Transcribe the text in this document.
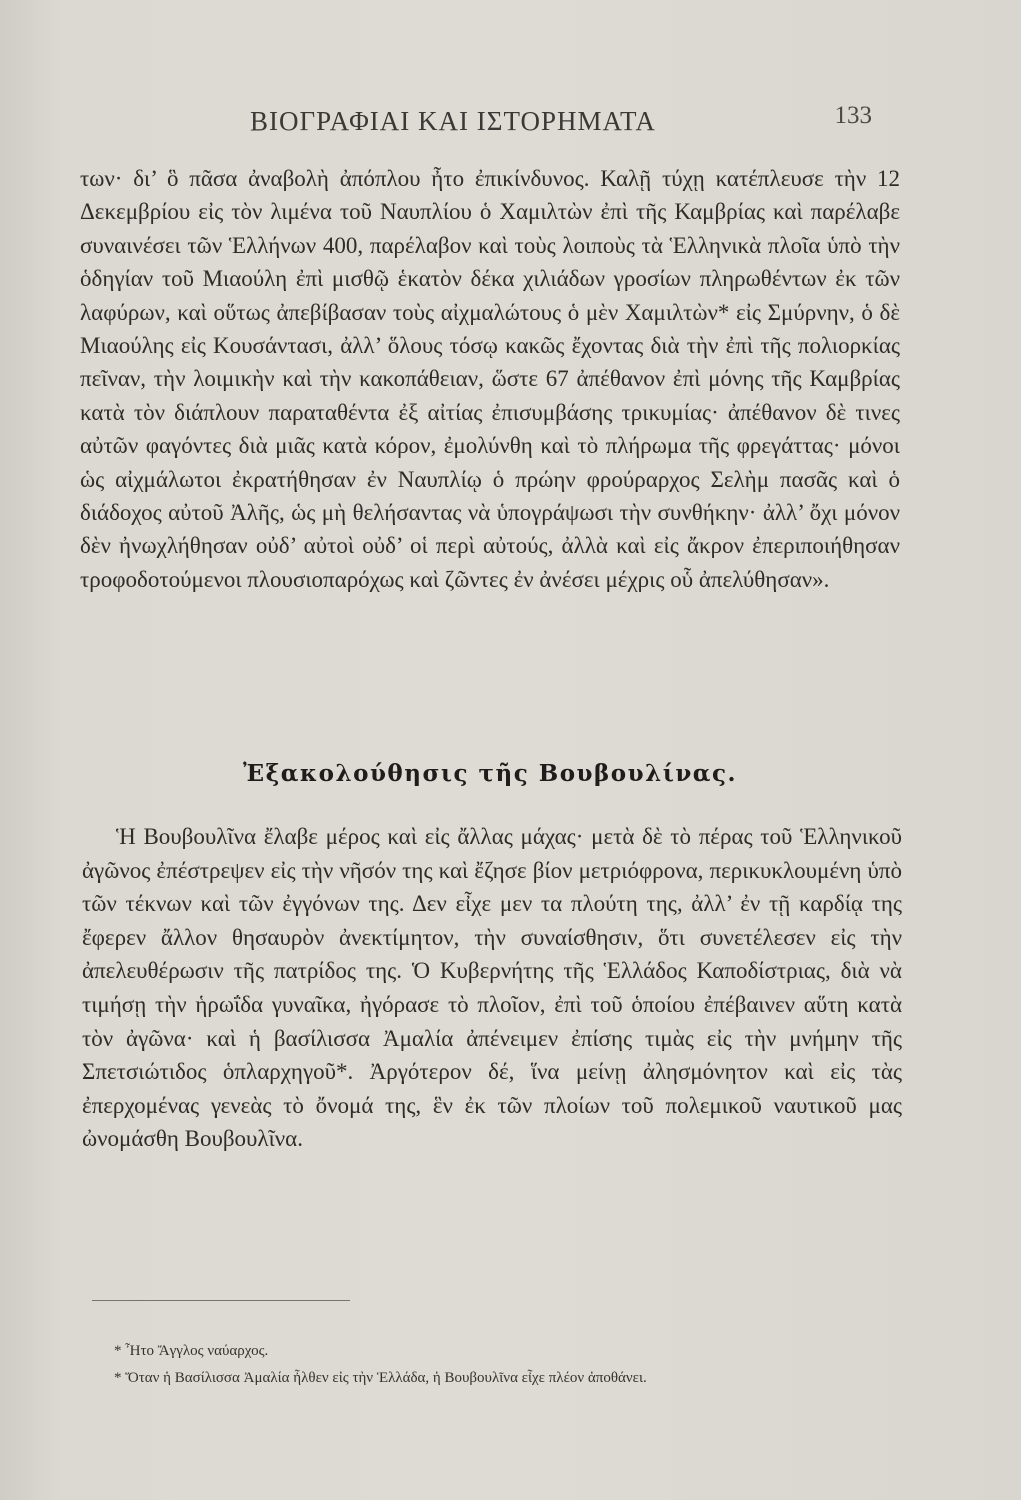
ΒΙΟΓΡΑΦΙΑΙ ΚΑΙ ΙΣΤΟΡΗΜΑΤΑ	133

των· δι’ ὃ πᾶσα ἀναβολὴ ἀπόπλου ἦτο ἐπικίνδυνος. Καλῇ τύχῃ κατέπλευσε τὴν 12 Δεκεμβρίου εἰς τὸν λιμένα τοῦ Ναυπλίου ὁ Χαμιλτὼν ἐπὶ τῆς Καμβρίας καὶ παρέλαβε συναινέσει τῶν Ἑλλήνων 400, παρέλαβον καὶ τοὺς λοιποὺς τὰ Ἑλληνικὰ πλοῖα ὑπὸ τὴν ὁδηγίαν τοῦ Μιαούλη ἐπὶ μισθῷ ἑκατὸν δέκα χιλιάδων γροσίων πληρωθέντων ἐκ τῶν λαφύρων, καὶ οὕτως ἀπεβίβασαν τοὺς αἰχμαλώτους ὁ μὲν Χαμιλτὼν* εἰς Σμύρνην, ὁ δὲ Μιαούλης εἰς Κουσάντασι, ἀλλ’ ὅλους τόσῳ κακῶς ἔχοντας διὰ τὴν ἐπὶ τῆς πολιορκίας πεῖναν, τὴν λοιμικὴν καὶ τὴν κακοπάθειαν, ὥστε 67 ἀπέθανον ἐπὶ μόνης τῆς Καμβρίας κατὰ τὸν διάπλουν παραταθέντα ἐξ αἰτίας ἐπισυμβάσης τρικυμίας· ἀπέθανον δὲ τινες αὐτῶν φαγόντες διὰ μιᾶς κατὰ κόρον, ἐμολύνθη καὶ τὸ πλήρωμα τῆς φρεγάττας· μόνοι ὡς αἰχμάλωτοι ἐκρατήθησαν ἐν Ναυπλίῳ ὁ πρώην φρούραρχος Σελὴμ πασᾶς καὶ ὁ διάδοχος αὐτοῦ Ἀλῆς, ὡς μὴ θελήσαντας νὰ ὑπογράψωσι τὴν συνθήκην· ἀλλ’ ὄχι μόνον δὲν ἠνωχλήθησαν οὐδ’ αὐτοὶ οὐδ’ οἱ περὶ αὐτούς, ἀλλὰ καὶ εἰς ἄκρον ἐπεριποιήθησαν τροφοδοτούμενοι πλουσιοπαρόχως καὶ ζῶντες ἐν ἀνέσει μέχρις οὗ ἀπελύθησαν».

Ἐξακολούθησις τῆς Βουβουλίνας.

Ἡ Βουβουλῖνα ἔλαβε μέρος καὶ εἰς ἄλλας μάχας· μετὰ δὲ τὸ πέρας τοῦ Ἑλληνικοῦ ἀγῶνος ἐπέστρεψεν εἰς τὴν νῆσόν της καὶ ἔζησε βίον μετριόφρονα, περικυκλουμένη ὑπὸ τῶν τέκνων καὶ τῶν ἐγγόνων της. Δεν εἶχε μεν τα πλούτη της, ἀλλ’ ἐν τῇ καρδίᾳ της ἔφερεν ἄλλον θησαυρὸν ἀνεκτίμητον, τὴν συναίσθησιν, ὅτι συνετέλεσεν εἰς τὴν ἀπελευθέρωσιν τῆς πατρίδος της. Ὁ Κυβερνήτης τῆς Ἑλλάδος Καποδίστριας, διὰ νὰ τιμήσῃ τὴν ἡρωΐδα γυναῖκα, ἠγόρασε τὸ πλοῖον, ἐπὶ τοῦ ὁποίου ἐπέβαινεν αὕτη κατὰ τὸν ἀγῶνα· καὶ ἡ βασίλισσα Ἀμαλία ἀπένειμεν ἐπίσης τιμὰς εἰς τὴν μνήμην τῆς Σπετσιώτιδος ὁπλαρχηγοῦ*. Ἀργότερον δέ, ἵνα μείνῃ ἀλησμόνητον καὶ εἰς τὰς ἐπερχομένας γενεὰς τὸ ὄνομά της, ἓν ἐκ τῶν πλοίων τοῦ πολεμικοῦ ναυτικοῦ μας ὠνομάσθη Βουβουλῖνα.

* Ἦτο Ἄγγλος ναύαρχος.

* Ὅταν ἡ Βασίλισσα Ἀμαλία ἦλθεν εἰς τὴν Ἑλλάδα, ἡ Βουβουλῖνα εἶχε πλέον ἀποθάνει.
